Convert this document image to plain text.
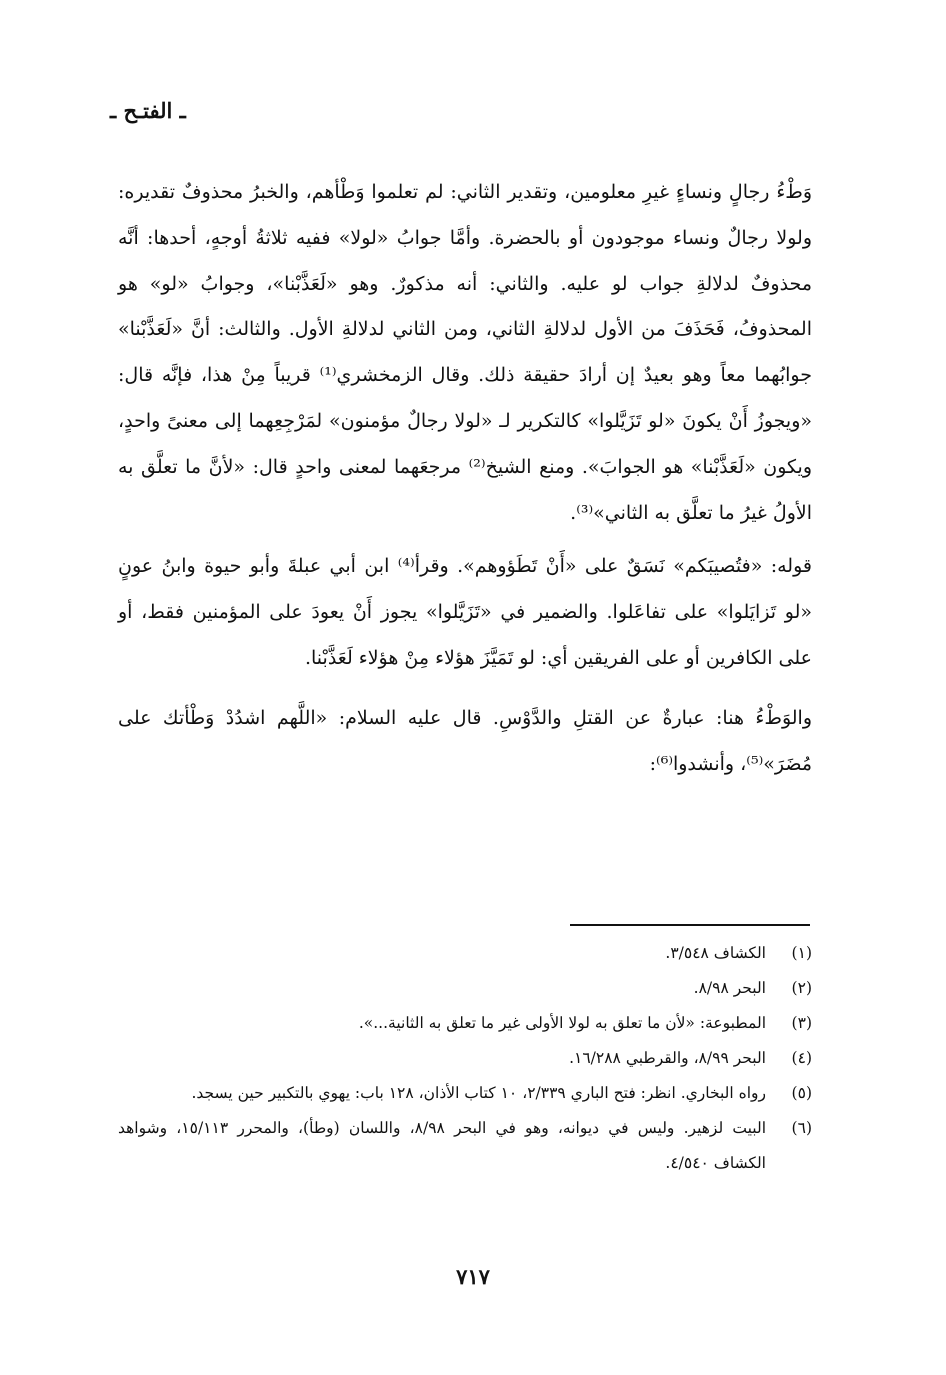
ـ الفتـح ـ

وَطْءُ رجالٍ ونساءٍ غيرِ معلومين، وتقدير الثاني: لم تعلموا وَطْأهم، والخبرُ محذوفٌ تقديره: ولولا رجالٌ ونساء موجودون أو بالحضرة. وأمَّا جوابُ «لولا» ففيه ثلاثةُ أوجهٍ، أحدها: أنَّه محذوفٌ لدلالةِ جواب لو عليه. والثاني: أنه مذكورٌ. وهو «لَعَذَّبْنا»، وجوابُ «لو» هو المحذوفُ، فَحَذَفَ من الأول لدلالةِ الثاني، ومن الثاني لدلالةِ الأول. والثالث: أنَّ «لَعَذَّبْنا» جوابُهما معاً وهو بعيدٌ إن أرادَ حقيقة ذلك. وقال الزمخشري⁽¹⁾ قريباً مِنْ هذا، فإنَّه قال: «ويجوزُ أَنْ يكونَ «لو تَزَيَّلوا» كالتكرير لـ «لولا رجالٌ مؤمنون» لمَرْجِعِهما إلى معنىً واحدٍ، ويكون «لَعَذَّبْنا» هو الجوابَ». ومنع الشيخ⁽²⁾ مرجعَهما لمعنى واحدٍ قال: «لأنَّ ما تعلَّق به الأولُ غيرُ ما تعلَّق به الثاني»⁽³⁾.

قوله: «فتُصيبَكم» نَسَقٌ على «أَنْ تَطَؤوهم». وقرأ⁽⁴⁾ ابن أبي عبلةَ وأبو حيوة وابنُ عونٍ «لو تَزايَلوا» على تفاعَلوا. والضمير في «تَزَيَّلوا» يجوز أَنْ يعودَ على المؤمنين فقط، أو على الكافرين أو على الفريقين أي: لو تَمَيَّزَ هؤلاء مِنْ هؤلاء لَعَذَّبْنا.

والوَطْءُ هنا: عبارةٌ عن القتلِ والدَّوْسِ. قال عليه السلام: «اللَّهم اشدُدْ وَطْأتك على مُضَرَ»⁽⁵⁾، وأنشدوا⁽⁶⁾:

(١)
الكشاف ٣/٥٤٨.
(٢)
البحر ٨/٩٨.
(٣)
المطبوعة: «لأن ما تعلق به لولا الأولى غير ما تعلق به الثانية...».
(٤)
البحر ٨/٩٩، والقرطبي ١٦/٢٨٨.
(٥)
رواه البخاري. انظر: فتح الباري ٢/٣٣٩، ١٠ كتاب الأذان، ١٢٨ باب: يهوي بالتكبير حين يسجد.
(٦)
البيت لزهير. وليس في ديوانه، وهو في البحر ٨/٩٨، واللسان (وطأ)، والمحرر ١٥/١١٣، وشواهد الكشاف ٤/٥٤٠.
٧١٧
